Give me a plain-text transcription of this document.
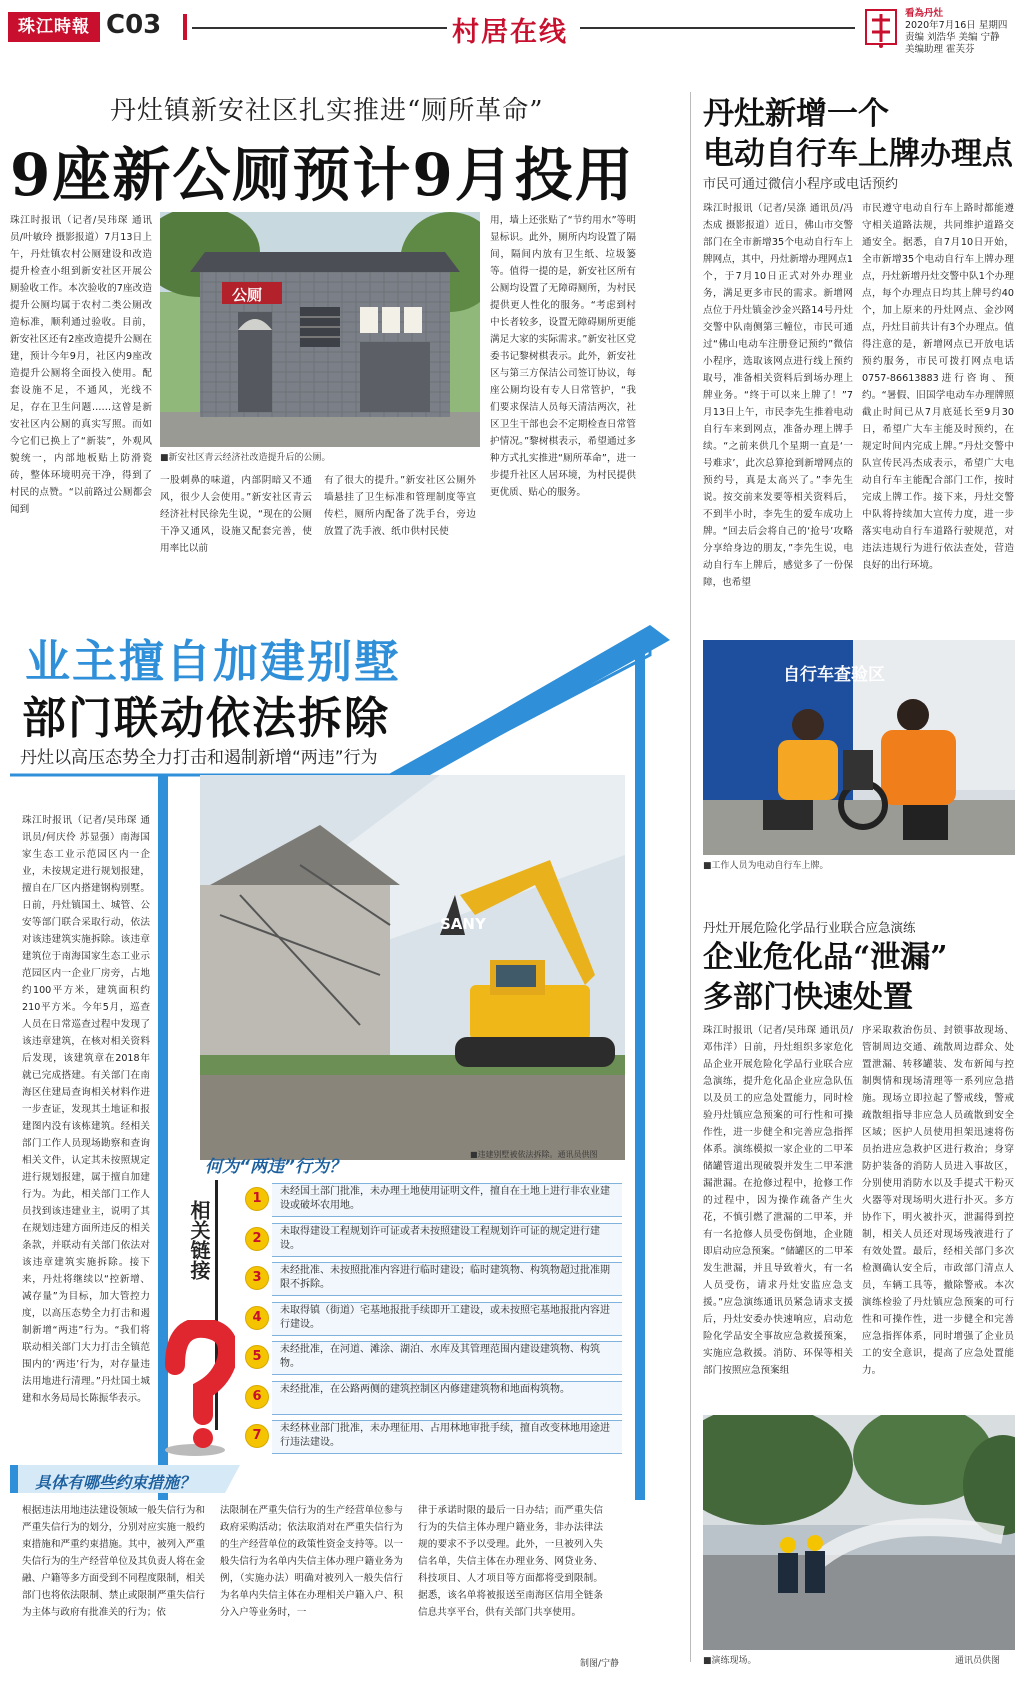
珠江時報 C03	村居在线
看為丹灶
2020年7月16日 星期四
责编 刘浩华 美编 宁静
美编助理 霍芙芬
丹灶镇新安社区扎实推进“厕所革命”
9座新公厕预计9月投用
珠江时报讯（记者/吴玮琛 通讯员/叶敏玲 摄影报道）7月13日上午，丹灶镇农村公厕建设和改造提升检查小组到新安社区开展公厕验收工作。本次验收的7座改造提升公厕均属于农村二类公厕改造标准，顺利通过验收。目前，新安社区还有2座改造提升公厕在建，预计今年9月，社区内9座改造提升公厕将全面投入使用。配套设施不足，不通风，光线不足，存在卫生问题……这曾是新安社区内公厕的真实写照。而如今它们已换上了“新装”，外观风貌统一，内部地板贴上防滑瓷砖，整体环境明亮干净，得到了村民的点赞。“以前路过公厕都会闻到
公厕
■新安社区青云经济社改造提升后的公厕。
一股刺鼻的味道，内部阴暗又不通风，很少人会使用。”新安社区青云经济社村民徐先生说，“现在的公厕干净又通风，设施又配套完善，使用率比以前
有了很大的提升。”新安社区公厕外墙悬挂了卫生标准和管理制度等宣传栏，厕所内配备了洗手台，旁边放置了洗手液、纸巾供村民使
用，墙上还张贴了“节约用水”等明显标识。此外，厕所内均设置了隔间，隔间内放有卫生纸、垃圾篓等。值得一提的是，新安社区所有公厕均设置了无障碍厕所，为村民提供更人性化的服务。“考虑到村中长者较多，设置无障碍厕所更能满足大家的实际需求。”新安社区党委书记黎树棋表示。此外，新安社区与第三方保洁公司签订协议，每座公厕均设有专人日常管护，“我们要求保洁人员每天清洁两次，社区卫生干部也会不定期检查日常管护情况。”黎树棋表示，希望通过多种方式扎实推进“厕所革命”，进一步提升社区人居环境，为村民提供更优质、贴心的服务。
丹灶新增一个
电动自行车上牌办理点
市民可通过微信小程序或电话预约
珠江时报讯（记者/吴涤 通讯员/冯杰成 摄影报道）近日，佛山市交警部门在全市新增35个电动自行车上牌网点，其中，丹灶新增办理网点1个，于7月10日正式对外办理业务，满足更多市民的需求。新增网点位于丹灶镇金沙金兴路14号丹灶交警中队南侧第三幢位，市民可通过“佛山电动车注册登记预约”微信小程序，选取该网点进行线上预约取号，准备相关资料后到场办理上牌业务。“终于可以来上牌了！”7月13日上午，市民李先生推着电动自行车来到网点，准备办理上牌手续。“之前来供几个星期一直是‘一号难求’，此次总算抢到新增网点的预约号，真是太高兴了。”李先生说。按交前来发要等相关资料后，不到半小时，李先生的爱车成功上牌。“回去后会将自己的‘抢号’攻略分享给身边的朋友，”李先生说，电动自行车上牌后，感觉多了一份保障，也希望
市民遵守电动自行车上路时都能遵守相关道路法规，共同维护道路交通安全。据悉，自7月10日开始，全市新增35个电动自行车上牌办理点，丹灶新增丹灶交警中队1个办理点，每个办理点日均其上牌号约40个，加上原来的丹灶网点、金沙网点，丹灶目前共计有3个办理点。值得注意的是，新增网点已开放电话预约服务，市民可拨打网点电话0757-86613883进行咨询、预约。“暑假、旧国学电动车办理牌照截止时间已从7月底延长至9月30日，希望广大车主能及时预约，在规定时间内完成上牌。”丹灶交警中队宣传民冯杰成表示，希望广大电动自行车主能配合部门工作，按时完成上牌工作。接下来，丹灶交警中队将持续加大宣传力度，进一步落实电动自行车道路行驶规范，对违法违规行为进行依法查处，营造良好的出行环境。
自行车查验区
■工作人员为电动自行车上牌。
丹灶开展危险化学品行业联合应急演练
企业危化品“泄漏”
多部门快速处置
珠江时报讯（记者/吴玮琛 通讯员/邓伟洋）日前，丹灶组织多家危化品企业开展危险化学品行业联合应急演练，提升危化品企业应急队伍以及员工的应急处置能力，同时检验丹灶镇应急预案的可行性和可操作性，进一步健全和完善应急指挥体系。演练模拟一家企业的二甲苯储罐管道出现破裂并发生二甲苯泄漏泄漏。在抢修过程中，抢修工作的过程中，因为操作疏备产生火花，不慎引燃了泄漏的二甲苯，并有一名抢修人员受伤倒地，企业随即启动应急预案。“储罐区的二甲苯发生泄漏，并且导致着火，有一名人员受伤，请求丹灶安监应急支援。”应急演练通讯员紧急请求支援后，丹灶安委办快速响应，启动危险化学品安全事故应急救援预案，实施应急救援。消防、环保等相关部门按照应急预案组
序采取救治伤员、封锁事故现场、管制周边交通、疏散周边群众、处置泄漏、转移罐装、发布新闻与控制舆情和现场清理等一系列应急措施。现场立即拉起了警戒线，警戒疏散组指导非应急人员疏散到安全区域；医护人员使用担架迅速将伤员抬进应急救护区进行救治；身穿防护装备的消防人员进入事故区，分别使用消防水以及手提式干粉灭火器等对现场明火进行扑灭。多方协作下，明火被扑灭，泄漏得到控制，相关人员还对现场残液进行了有效处置。最后，经相关部门多次检测确认安全后，市政部门清点人员，车辆工具等，撤除警戒。本次演练检验了丹灶镇应急预案的可行性和可操作性，进一步健全和完善应急指挥体系，同时增强了企业员工的安全意识，提高了应急处置能力。
■演练现场。	通讯员供图
业主擅自加建别墅
部门联动依法拆除
丹灶以高压态势全力打击和遏制新增“两违”行为
珠江时报讯（记者/吴玮琛 通讯员/何庆伶 苏显强）南海国家生态工业示范园区内一企业，未按规定进行规划报建，擅自在厂区内搭建钢构别墅。日前，丹灶镇国土、城管、公安等部门联合采取行动，依法对该违建筑实施拆除。该违章建筑位于南海国家生态工业示范园区内一企业厂房旁，占地约100平方米，建筑面积约210平方米。今年5月，巡查人员在日常巡查过程中发现了该违章建筑，在核对相关资料后发现，该建筑章在2018年就已完成搭建。有关部门在南海区住建局查询相关材料作进一步查证，发现其土地证和报建图内没有该栋建筑。经相关部门工作人员现场勘察和查询相关文件，认定其未按照规定进行规划报建，属于擅自加建行为。为此，相关部门工作人员找到该违建业主，说明了其在规划违建方面所违反的相关条款，并联动有关部门依法对该违章建筑实施拆除。接下来，丹灶将继续以“控新增、减存量”为目标，加大管控力度，以高压态势全力打击和遏制新增“两违”行为。“我们将联动相关部门大力打击全镇范围内的‘两违’行为，对存量违法用地进行清理。”丹灶国土城建和水务局局长陈振华表示。
SANY
■违建别墅被依法拆除。通讯员供图
相关链接
何为“两违”行为？
1	未经国土部门批准，未办理土地使用证明文件，擅自在土地上进行非农业建设或破坏农用地。
2	未取得建设工程规划许可证或者未按照建设工程规划许可证的规定进行建设。
3	未经批准、未按照批准内容进行临时建设；临时建筑物、构筑物超过批准期限不拆除。
4	未取得镇（街道）宅基地报批手续即开工建设，或未按照宅基地报批内容进行建设。
5	未经批准，在河道、滩涂、湖泊、水库及其管理范围内建设建筑物、构筑物。
6	未经批准，在公路两侧的建筑控制区内修建建筑物和地面构筑物。
7	未经林业部门批准，未办理征用、占用林地审批手续，擅自改变林地用途进行违法建设。
具体有哪些约束措施？
根据违法用地违法建设领域一般失信行为和严重失信行为的划分，分别对应实施一般约束措施和严重约束措施。其中，被列入严重失信行为的生产经营单位及其负责人将在金融、户籍等多方面受到不同程度限制，相关部门也将依法限制、禁止或限制严重失信行为主体与政府有批准关的行为；依
法限制在严重失信行为的生产经营单位参与政府采购活动；依法取消对在严重失信行为的生产经营单位的政策性资金支持等。以一般失信行为名单内失信主体办理户籍业务为例，（实施办法）明确对被列入一般失信行为名单内失信主体在办理相关户籍入户、积分入户等业务时，一
律于承诺时限的最后一日办结；而严重失信行为的失信主体办理户籍业务，非办法律法规的要求不予以受理。此外，一旦被列入失信名单，失信主体在办理业务、网贷业务、科技项目、人才项目等方面都将受到限制。据悉，该名单将被报送至南海区信用全链条信息共享平台，供有关部门共享使用。
制图/宁静
